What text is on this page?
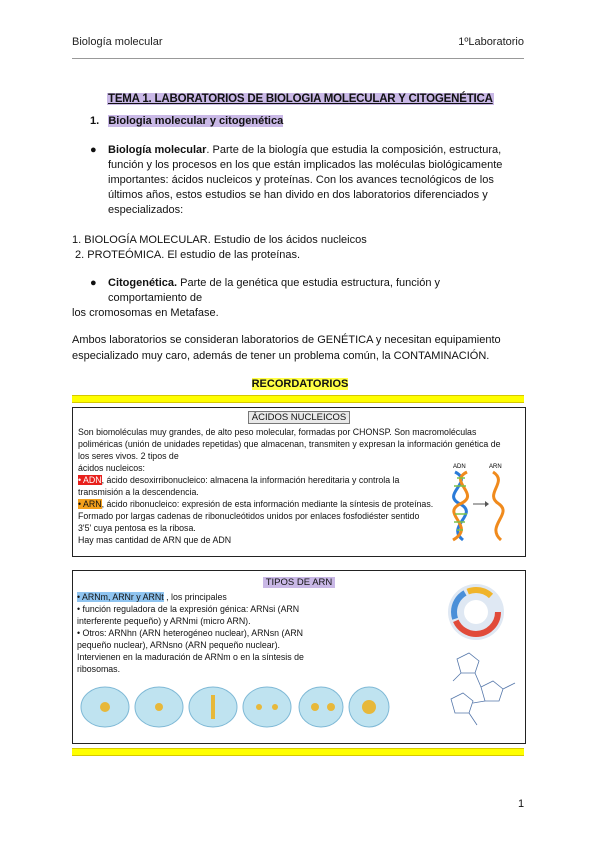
Biología molecular	1ºLaboratorio
TEMA 1. LABORATORIOS DE BIOLOGIA MOLECULAR Y CITOGENÉTICA
1. Biologia molecular y citogenética
● Biología molecular. Parte de la biología que estudia la composición, estructura,
función y los procesos en los que están implicados las moléculas biológicamente
importantes: ácidos nucleicos y proteínas. Con los avances tecnológicos de los
últimos años, estos estudios se han divido en dos laboratorios diferenciados y
especializados:
1. BIOLOGÍA MOLECULAR. Estudio de los ácidos nucleicos
2. PROTEÓMICA. El estudio de las proteínas.
● Citogenética. Parte de la genética que estudia estructura, función y
comportamiento de
los cromosomas en Metafase.
Ambos laboratorios se consideran laboratorios de GENÉTICA y necesitan equipamiento
especializado muy caro, además de tener un problema común, la CONTAMINACIÓN.
RECORDATORIOS
ÁCIDOS NUCLEICOS
Son biomoléculas muy grandes, de alto peso molecular, formadas por CHONSP. Son macromoléculas
poliméricas (unión de unidades repetidas) que almacenan, transmiten y expresan la información genética de
los seres vivos. 2 tipos de
ácidos nucleicos:
• ADN, ácido desoxirribonucleico: almacena la información hereditaria y controla la
transmisión a la descendencia.
• ARN, ácido ribonucleico: expresión de esta información mediante la síntesis de proteínas.
Formado por largas cadenas de ribonucleótidos unidos por enlaces fosfodiéster sentido
3'5' cuya pentosa es la ribosa.
Hay mas cantidad de ARN que de ADN
ADN	ARN
TIPOS DE ARN
• ARNm, ARNr y ARNt , los principales
• función reguladora de la expresión génica: ARNsi (ARN
interferente pequeño) y ARNmi (micro ARN).
• Otros: ARNhn (ARN heterogéneo nuclear), ARNsn (ARN
pequeño nuclear), ARNsno (ARN pequeño nuclear).
Intervienen en la maduración de ARNm o en la síntesis de
ribosomas.
1
